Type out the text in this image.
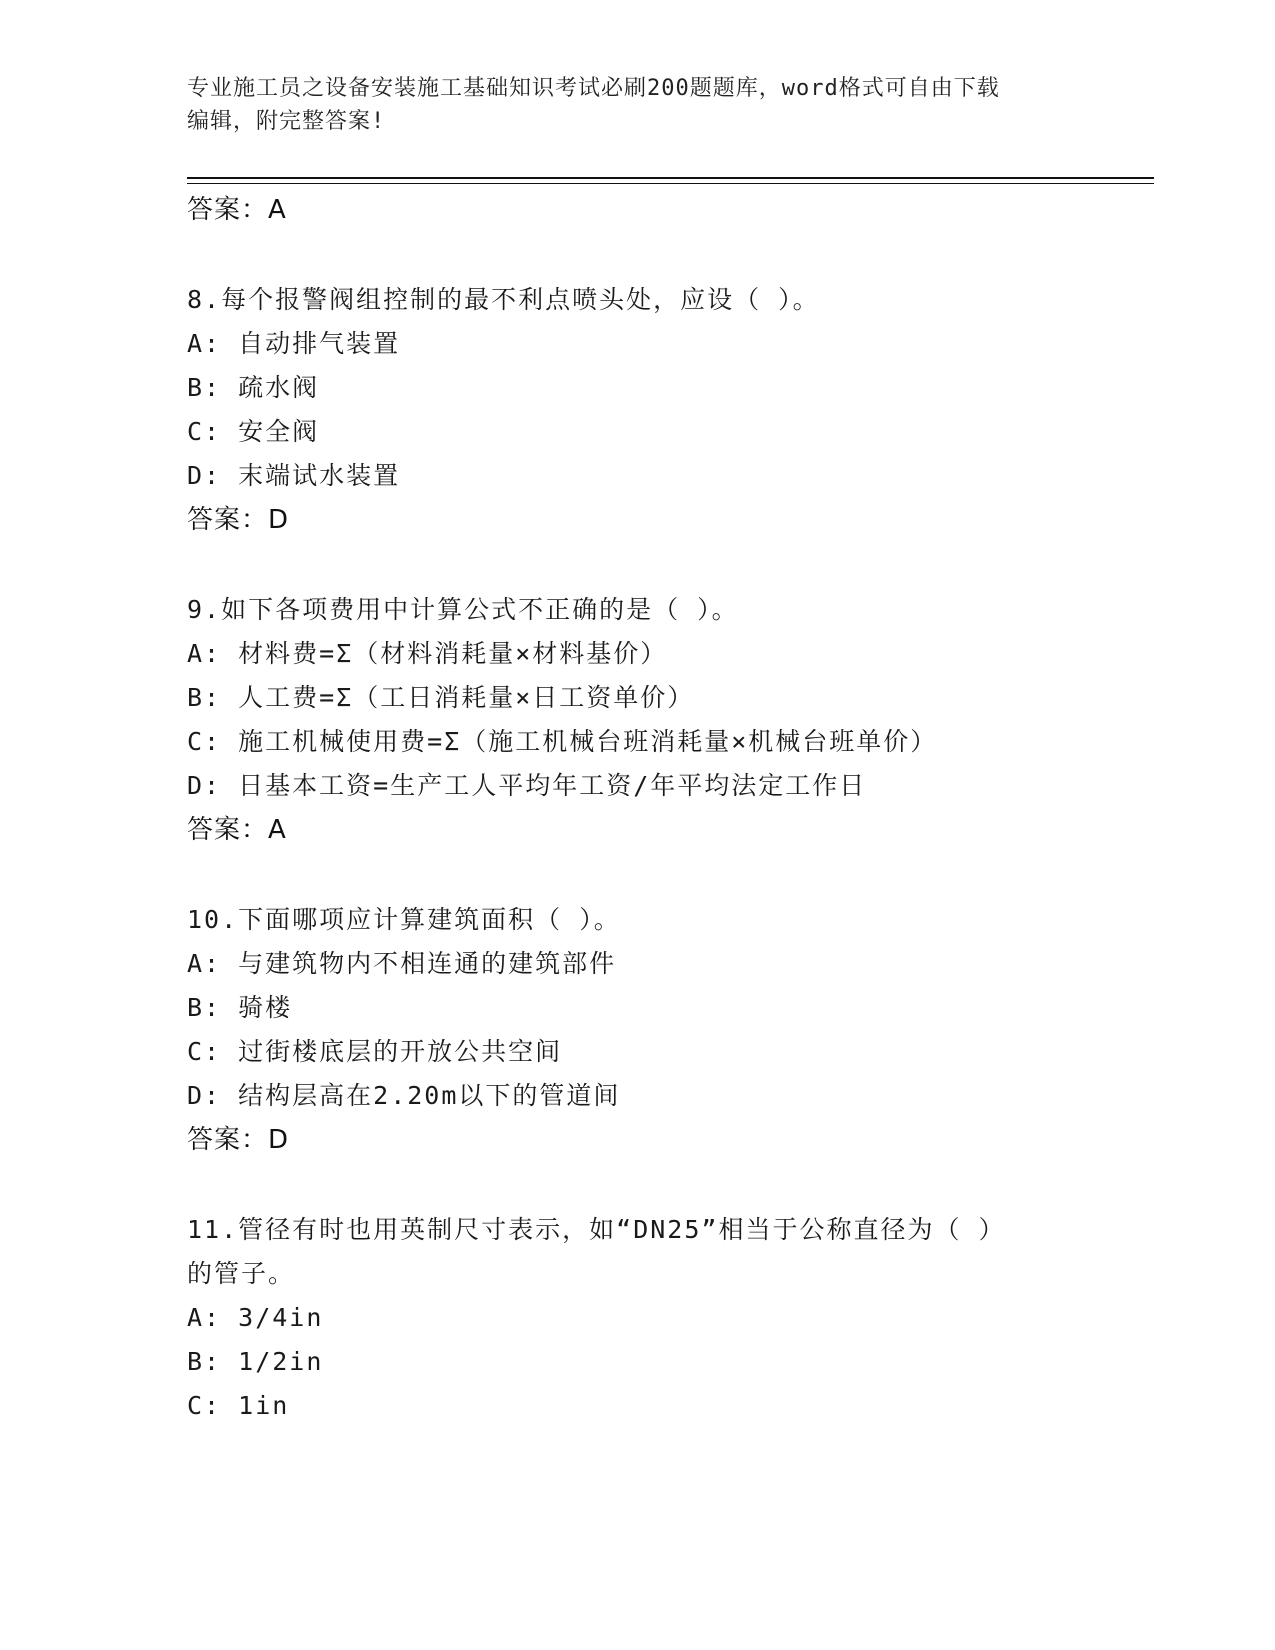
专业施工员之设备安装施工基础知识考试必刷200题题库，word格式可自由下载
编辑，附完整答案!
答案：A
8.每个报警阀组控制的最不利点喷头处，应设（ ）。
A: 自动排气装置
B: 疏水阀
C: 安全阀
D: 末端试水装置
答案：D
9.如下各项费用中计算公式不正确的是（ ）。
A: 材料费=Σ（材料消耗量×材料基价）
B: 人工费=Σ（工日消耗量×日工资单价）
C: 施工机械使用费=Σ（施工机械台班消耗量×机械台班单价）
D: 日基本工资=生产工人平均年工资/年平均法定工作日
答案：A
10.下面哪项应计算建筑面积（ ）。
A: 与建筑物内不相连通的建筑部件
B: 骑楼
C: 过街楼底层的开放公共空间
D: 结构层高在2.20m以下的管道间
答案：D
11.管径有时也用英制尺寸表示，如“DN25”相当于公称直径为（ ）
的管子。
A: 3/4in
B: 1/2in
C: 1in
